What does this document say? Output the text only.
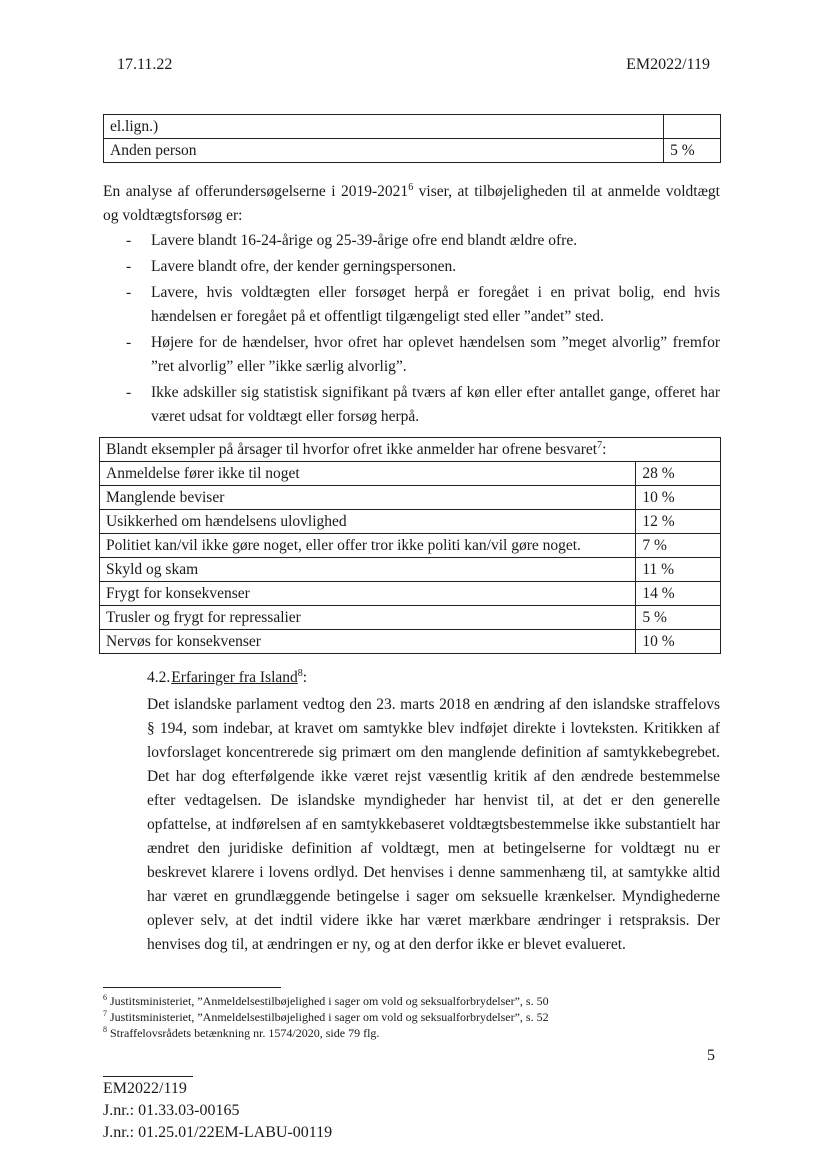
17.11.22	EM2022/119
el.lign.)	
Anden person	5 %

En analyse af offerundersøgelserne i 2019-2021$^6$ viser, at tilbøjeligheden til at anmelde voldtægt og voldtægtsforsøg er:

- Lavere blandt 16-24-årige og 25-39-årige ofre end blandt ældre ofre.
- Lavere blandt ofre, der kender gerningspersonen.
- Lavere, hvis voldtægten eller forsøget herpå er foregået i en privat bolig, end hvis hændelsen er foregået på et offentligt tilgængeligt sted eller ”andet” sted.
- Højere for de hændelser, hvor ofret har oplevet hændelsen som ”meget alvorlig” fremfor ”ret alvorlig” eller ”ikke særlig alvorlig”.
- Ikke adskiller sig statistisk signifikant på tværs af køn eller efter antallet gange, offeret har været udsat for voldtægt eller forsøg herpå.
Blandt eksempler på årsager til hvorfor ofret ikke anmelder har ofrene besvaret$^7$:	
Anmeldelse fører ikke til noget	28 %
Manglende beviser	10 %
Usikkerhed om hændelsens ulovlighed	12 %
Politiet kan/vil ikke gøre noget, eller offer tror ikke politi kan/vil gøre noget.	7 %
Skyld og skam	11 %
Frygt for konsekvenser	14 %
Trusler og frygt for repressalier	5 %
Nervøs for konsekvenser	10 %
4.2.Erfaringer fra Island$^8$:

Det islandske parlament vedtog den 23. marts 2018 en ændring af den islandske straffelovs § 194, som indebar, at kravet om samtykke blev indføjet direkte i lovteksten. Kritikken af lovforslaget koncentrerede sig primært om den manglende definition af samtykkebegrebet. Det har dog efterfølgende ikke været rejst væsentlig kritik af den ændrede bestemmelse efter vedtagelsen. De islandske myndigheder har henvist til, at det er den generelle opfattelse, at indførelsen af en samtykkebaseret voldtægtsbestemmelse ikke substantielt har ændret den juridiske definition af voldtægt, men at betingelserne for voldtægt nu er beskrevet klarere i lovens ordlyd. Det henvises i denne sammenhæng til, at samtykke altid har været en grundlæggende betingelse i sager om seksuelle krænkelser. Myndighederne oplever selv, at det indtil videre ikke har været mærkbare ændringer i retspraksis. Der henvises dog til, at ændringen er ny, og at den derfor ikke er blevet evalueret.

$^6$ Justitsministeriet, ”Anmeldelsestilbøjelighed i sager om vold og seksualforbrydelser”, s. 50
$^7$ Justitsministeriet, ”Anmeldelsestilbøjelighed i sager om vold og seksualforbrydelser”, s. 52
$^8$ Straffelovsrådets betænkning nr. 1574/2020, side 79 flg.
5
EM2022/119
J.nr.: 01.33.03-00165
J.nr.: 01.25.01/22EM-LABU-00119
